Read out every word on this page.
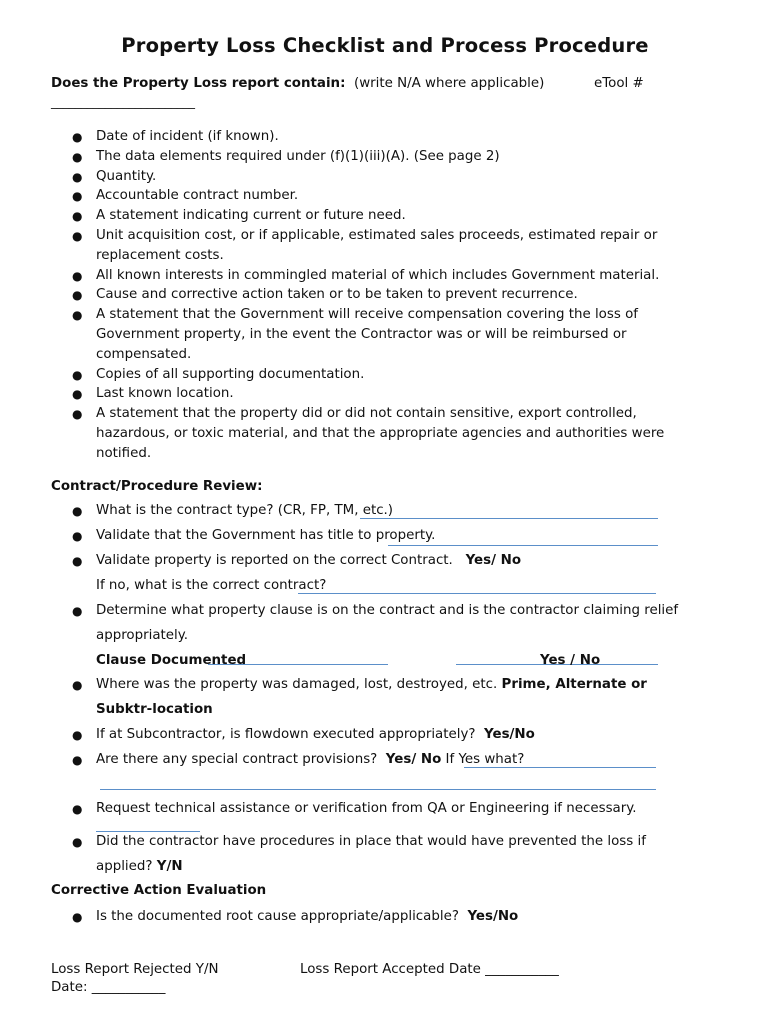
Property Loss Checklist and Process Procedure
Does the Property Loss report contain: (write N/A where applicable)	eTool #
________________________
● Date of incident (if known).
● The data elements required under (f)(1)(iii)(A). (See page 2)
● Quantity.
● Accountable contract number.
● A statement indicating current or future need.
● Unit acquisition cost, or if applicable, estimated sales proceeds, estimated repair or
replacement costs.
● All known interests in commingled material of which includes Government material.
● Cause and corrective action taken or to be taken to prevent recurrence.
● A statement that the Government will receive compensation covering the loss of
Government property, in the event the Contractor was or will be reimbursed or
compensated.
● Copies of all supporting documentation.
● Last known location.
● A statement that the property did or did not contain sensitive, export controlled,
hazardous, or toxic material, and that the appropriate agencies and authorities were
notified.
Contract/Procedure Review:
● What is the contract type? (CR, FP, TM, etc.)
● Validate that the Government has title to property.
● Validate property is reported on the correct Contract. Yes/ No
If no, what is the correct contract?
● Determine what property clause is on the contract and is the contractor claiming relief
appropriately.
Clause Documented	Yes / No
● Where was the property was damaged, lost, destroyed, etc. Prime, Alternate or
Subktr-location
● If at Subcontractor, is flowdown executed appropriately? Yes/No
● Are there any special contract provisions? Yes/ No If Yes what?
● Request technical assistance or verification from QA or Engineering if necessary.
● Did the contractor have procedures in place that would have prevented the loss if
applied? Y/N
Corrective Action Evaluation
● Is the documented root cause appropriate/applicable? Yes/No
Loss Report Rejected Y/N	Loss Report Accepted Date ___________
Date: ___________
